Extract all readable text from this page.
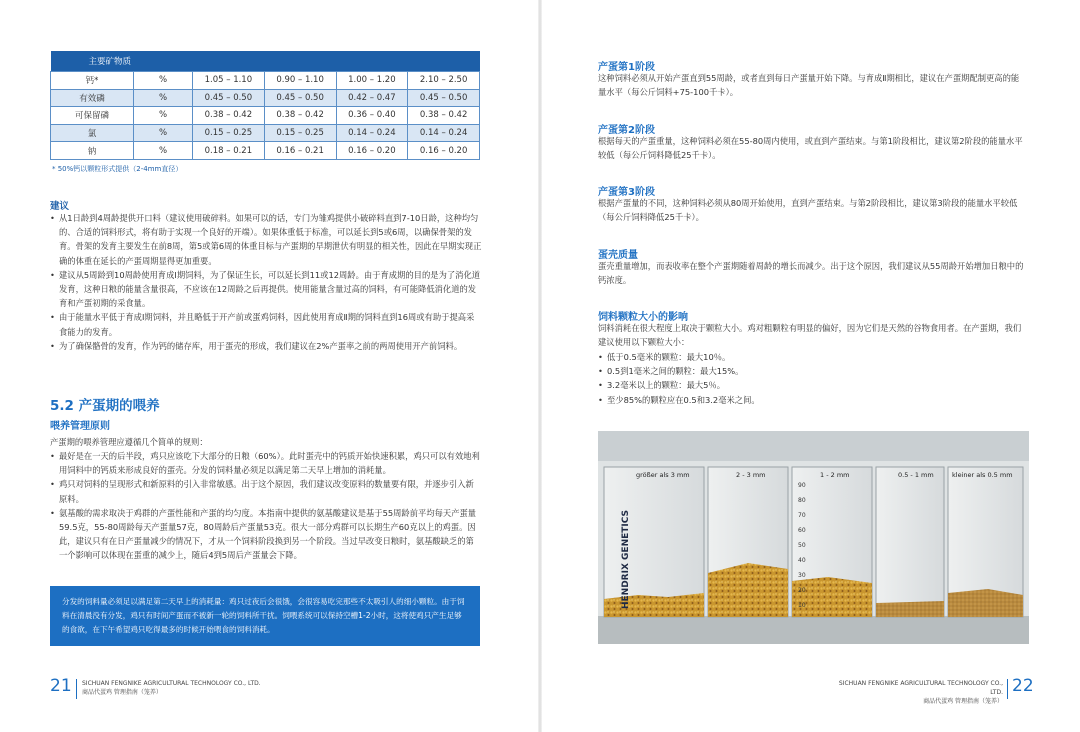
主要矿物质					
钙*	%	1.05 – 1.10	0.90 – 1.10	1.00 – 1.20	2.10 – 2.50
有效磷	%	0.45 – 0.50	0.45 – 0.50	0.42 – 0.47	0.45 – 0.50
可保留磷	%	0.38 – 0.42	0.38 – 0.42	0.36 – 0.40	0.38 – 0.42
氯	%	0.15 – 0.25	0.15 – 0.25	0.14 – 0.24	0.14 – 0.24
钠	%	0.18 – 0.21	0.16 – 0.21	0.16 – 0.20	0.16 – 0.20
* 50%钙以颗粒形式提供（2-4mm直径）
建议
• 从1日龄到4周龄提供开口料（建议使用破碎料。如果可以的话，专门为雏鸡提供小破碎料直到7-10日龄，这种均匀的、合适的饲料形式，将有助于实现一个良好的开端）。如果体重低于标准，可以延长到5或6周，以确保骨架的发育。骨架的发育主要发生在前8周，第5或第6周的体重目标与产蛋期的早期泄伏有明显的相关性，因此在早期实现正确的体重在延长的产蛋周期显得更加重要。
• 建议从5周龄到10周龄使用育成Ⅰ期饲料，为了保证生长，可以延长到11或12周龄。由于育成期的目的是为了消化道发育，这种日粮的能量含量很高，不应该在12周龄之后再提供。使用能量含量过高的饲料，有可能降低消化道的发育和产蛋初期的采食量。
• 由于能量水平低于育成Ⅰ期饲料，并且略低于开产前或蛋鸡饲料，因此使用育成Ⅱ期的饲料直到16周或有助于提高采食能力的发育。
• 为了确保骼骨的发育，作为钙的储存库，用于蛋壳的形成，我们建议在2%产蛋率之前的两周使用开产前饲料。
5.2 产蛋期的喂养
喂养管理原则
产蛋期的喂养管理应遵循几个简单的规则：
• 最好是在一天的后半段，鸡只应该吃下大部分的日粮（60%）。此时蛋壳中的钙质开始快速积累，鸡只可以有效地利用饲料中的钙质来形成良好的蛋壳。分发的饲料量必须足以满足第二天早上增加的消耗量。
• 鸡只对饲料的呈现形式和新原料的引入非常敏感。出于这个原因，我们建议改变原料的数量要有限，并逐步引入新原料。
• 氨基酸的需求取决于鸡群的产蛋性能和产蛋的均匀度。本指南中提供的氨基酸建议是基于55周龄前平均每天产蛋量59.5克，55-80周龄每天产蛋量57克，80周龄后产蛋量53克。很大一部分鸡群可以长期生产60克以上的鸡蛋。因此，建议只有在日产蛋量减少的情况下，才从一个饲料阶段换到另一个阶段。当过早改变日粮时，氨基酸缺乏的第一个影响可以体现在蛋重的减少上，随后4到5周后产蛋量会下降。
分发的饲料量必须足以满足第二天早上的消耗量：鸡只过夜后会很饿，会很容易吃完那些不太吸引人的细小颗粒。由于饲料在清晨没有分发，鸡只有时间产蛋而不被新一轮的饲料所干扰。饲喂系统可以保持空槽1-2小时，这将使鸡只产生足够的食欲，在下午希望鸡只吃得最多的时候开始喂食的饲料消耗。
21 SICHUAN FENGNIKE AGRICULTURAL TECHNOLOGY CO., LTD.
商品代蛋鸡 管理指南（笼养）
产蛋第1阶段
这种饲料必须从开始产蛋直到55周龄，或者直到每日产蛋量开始下降。与育成Ⅱ期相比，建议在产蛋期配制更高的能量水平（每公斤饲料+75-100千卡）。
产蛋第2阶段
根据每天的产蛋重量，这种饲料必须在55-80周内使用，或直到产蛋结束。与第1阶段相比，建议第2阶段的能量水平较低（每公斤饲料降低25千卡）。
产蛋第3阶段
根据产蛋量的不同，这种饲料必须从80周开始使用，直到产蛋结束。与第2阶段相比，建议第3阶段的能量水平较低（每公斤饲料降低25千卡）。
蛋壳质量
蛋壳重量增加，而表收率在整个产蛋期随着周龄的增长而减少。出于这个原因，我们建议从55周龄开始增加日粮中的钙浓度。
饲料颗粒大小的影响
饲料消耗在很大程度上取决于颗粒大小。鸡对粗颗粒有明显的偏好，因为它们是天然的谷物食用者。在产蛋期，我们建议使用以下颗粒大小：
• 低于0.5毫米的颗粒：最大10％。
• 0.5到1毫米之间的颗粒：最大15%。
• 3.2毫米以上的颗粒：最大5％。
• 至少85%的颗粒应在0.5和3.2毫米之间。
90
80
70
60
50
40
30
20
10
größer als 3 mm	2 - 3 mm	1 - 2 mm	0.5 - 1 mm	kleiner als 0.5 mm
HENDRIX GENETICS
SICHUAN FENGNIKE AGRICULTURAL TECHNOLOGY CO., LTD.
商品代蛋鸡 管理指南（笼养）
22
